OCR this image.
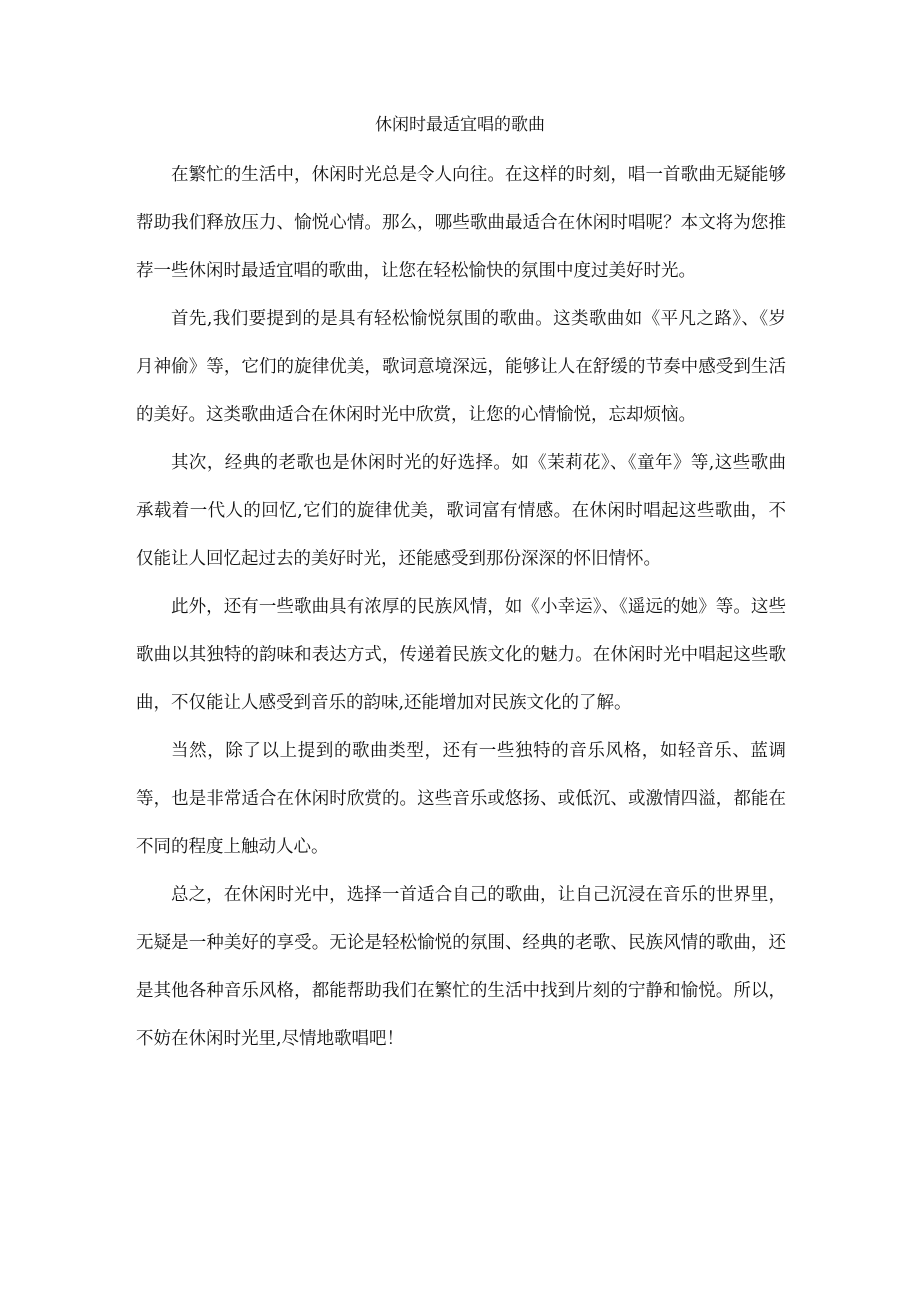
休闲时最适宜唱的歌曲

在繁忙的生活中，休闲时光总是令人向往。在这样的时刻，唱一首歌曲无疑能够帮助我们释放压力、愉悦心情。那么，哪些歌曲最适合在休闲时唱呢？本文将为您推荐一些休闲时最适宜唱的歌曲，让您在轻松愉快的氛围中度过美好时光。

首先,我们要提到的是具有轻松愉悦氛围的歌曲。这类歌曲如《平凡之路》、《岁月神偷》等，它们的旋律优美，歌词意境深远，能够让人在舒缓的节奏中感受到生活的美好。这类歌曲适合在休闲时光中欣赏，让您的心情愉悦，忘却烦恼。

其次，经典的老歌也是休闲时光的好选择。如《茉莉花》、《童年》等,这些歌曲承载着一代人的回忆,它们的旋律优美，歌词富有情感。在休闲时唱起这些歌曲，不仅能让人回忆起过去的美好时光，还能感受到那份深深的怀旧情怀。

此外，还有一些歌曲具有浓厚的民族风情，如《小幸运》、《遥远的她》等。这些歌曲以其独特的韵味和表达方式，传递着民族文化的魅力。在休闲时光中唱起这些歌曲，不仅能让人感受到音乐的韵味,还能增加对民族文化的了解。

当然，除了以上提到的歌曲类型，还有一些独特的音乐风格，如轻音乐、蓝调等，也是非常适合在休闲时欣赏的。这些音乐或悠扬、或低沉、或激情四溢，都能在不同的程度上触动人心。

总之，在休闲时光中，选择一首适合自己的歌曲，让自己沉浸在音乐的世界里，无疑是一种美好的享受。无论是轻松愉悦的氛围、经典的老歌、民族风情的歌曲，还是其他各种音乐风格，都能帮助我们在繁忙的生活中找到片刻的宁静和愉悦。所以，不妨在休闲时光里,尽情地歌唱吧！
